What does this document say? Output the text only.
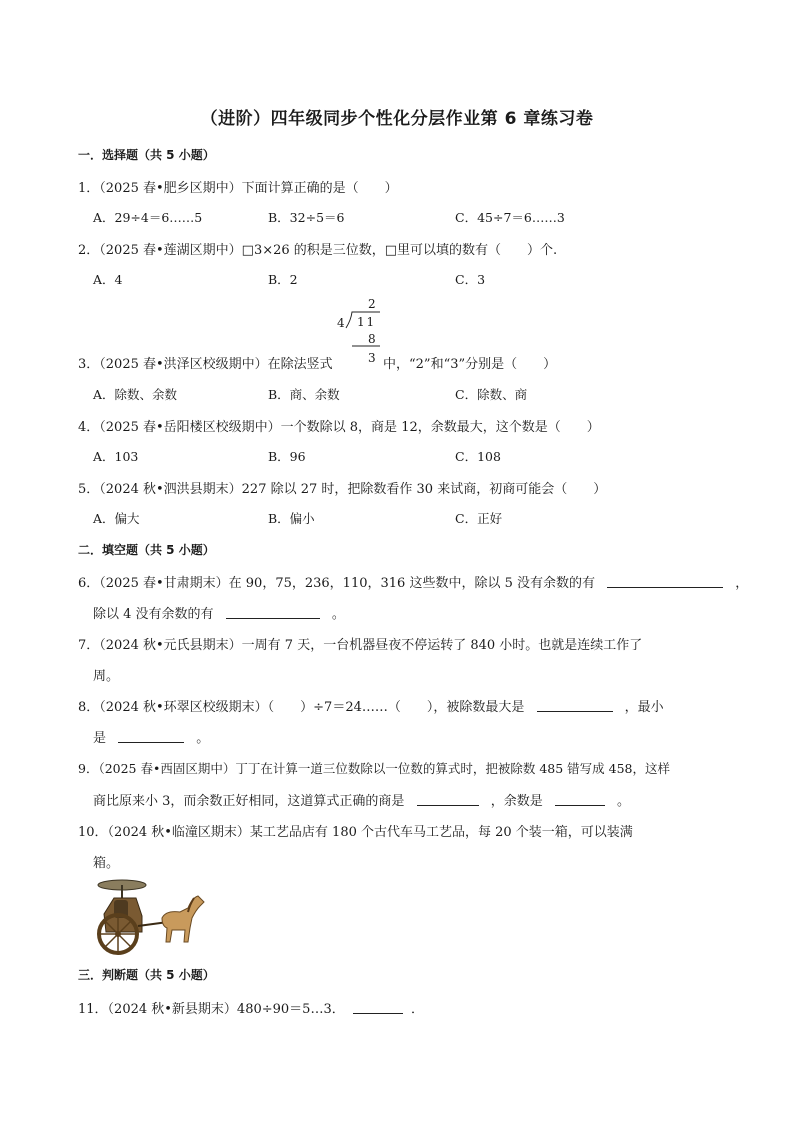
（进阶）四年级同步个性化分层作业第 6 章练习卷
一．选择题（共 5 小题）
1．（2025 春•肥乡区期中）下面计算正确的是（　　）
A．29÷4＝6……5	B．32÷5＝6	C．45÷7＝6……3
2．（2025 春•莲湖区期中）□3×26 的积是三位数，□里可以填的数有（　　）个.
A．4	B．2	C．3
2
4 1 1
8
3
3．（2025 春•洪泽区校级期中）在除法竖式	中，“2”和“3”分别是（　　）
A．除数、余数	B．商、余数	C．除数、商
4．（2025 春•岳阳楼区校级期中）一个数除以 8，商是 12，余数最大，这个数是（　　）
A．103	B．96	C．108
5．（2024 秋•泗洪县期末）227 除以 27 时，把除数看作 30 来试商，初商可能会（　　）
A．偏大	B．偏小	C．正好
二．填空题（共 5 小题）
6．（2025 春•甘肃期末）在 90，75，236，110，316 这些数中，除以 5 没有余数的有	，
除以 4 没有余数的有	。
7．（2024 秋•元氏县期末）一周有 7 天，一台机器昼夜不停运转了 840 小时。也就是连续工作了
周。
8．（2024 秋•环翠区校级期末）（　　）÷7＝24……（　　），被除数最大是	，最小
是	。
9．（2025 春•西固区期中）丁丁在计算一道三位数除以一位数的算式时，把被除数 485 错写成 458，这样
商比原来小 3，而余数正好相同，这道算式正确的商是	，余数是	。
10．（2024 秋•临潼区期末）某工艺品店有 180 个古代车马工艺品，每 20 个装一箱，可以装满
箱。
三．判断题（共 5 小题）
11．（2024 秋•新县期末）480÷90＝5…3．	．
